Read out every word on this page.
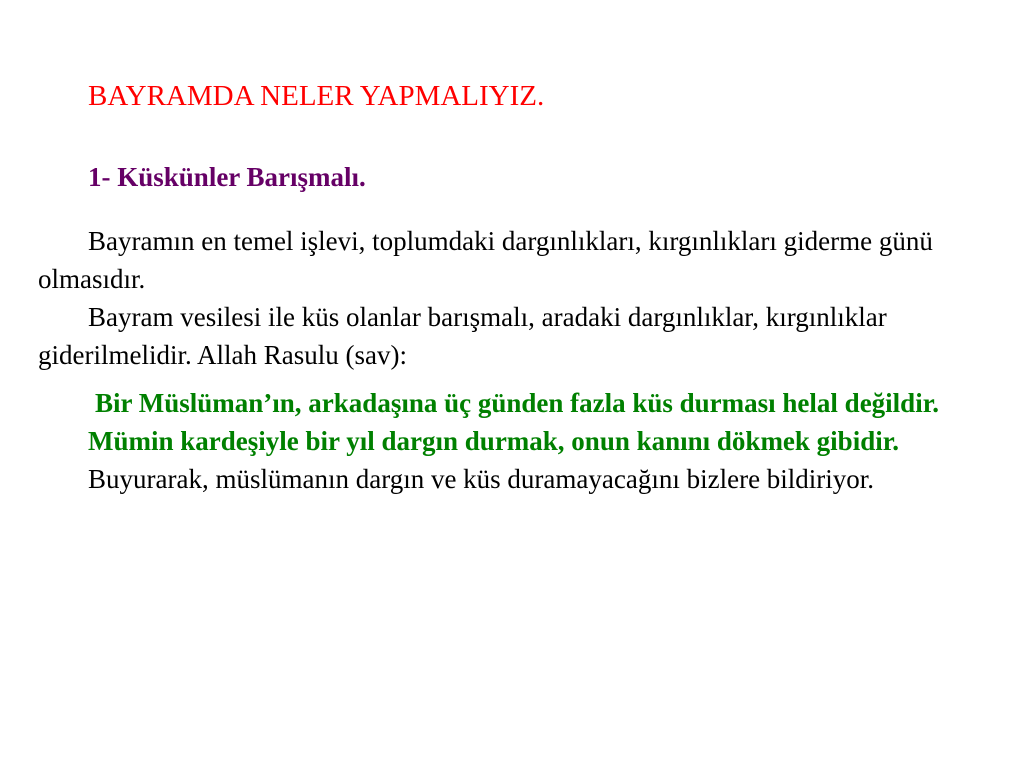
BAYRAMDA NELER YAPMALIYIZ.
1- Küskünler Barışmalı.

Bayramın en temel işlevi, toplumdaki dargınlıkları, kırgınlıkları giderme günü olmasıdır.

Bayram vesilesi ile küs olanlar barışmalı, aradaki dargınlıklar, kırgınlıklar giderilmelidir. Allah Rasulu (sav):

Bir Müslüman’ın, arkadaşına üç günden fazla küs durması helal değildir.

Mümin kardeşiyle bir yıl dargın durmak, onun kanını dökmek gibidir.

Buyurarak, müslümanın dargın ve küs duramayacağını bizlere bildiriyor.
